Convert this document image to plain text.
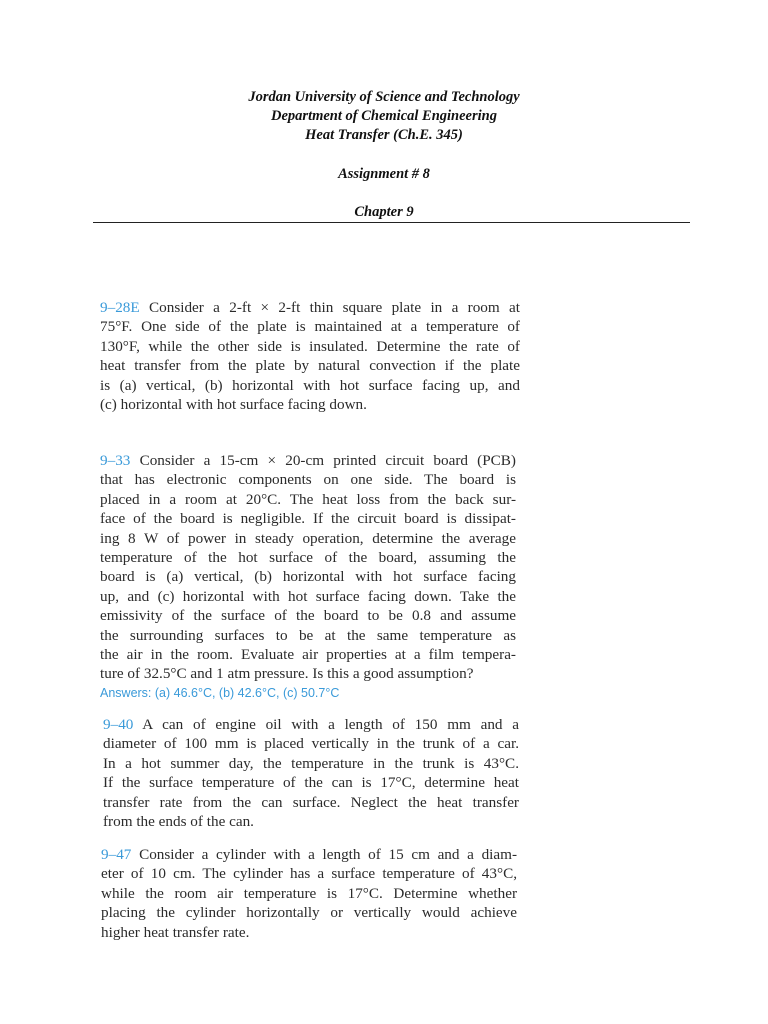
Jordan University of Science and Technology
Department of Chemical Engineering
Heat Transfer (Ch.E. 345)
Assignment # 8
Chapter 9
9–28E Consider a 2-ft × 2-ft thin square plate in a room at
75°F. One side of the plate is maintained at a temperature of
130°F, while the other side is insulated. Determine the rate of
heat transfer from the plate by natural convection if the plate
is (a) vertical, (b) horizontal with hot surface facing up, and
(c) horizontal with hot surface facing down.
9–33 Consider a 15-cm × 20-cm printed circuit board (PCB)
that has electronic components on one side. The board is
placed in a room at 20°C. The heat loss from the back sur-
face of the board is negligible. If the circuit board is dissipat-
ing 8 W of power in steady operation, determine the average
temperature of the hot surface of the board, assuming the
board is (a) vertical, (b) horizontal with hot surface facing
up, and (c) horizontal with hot surface facing down. Take the
emissivity of the surface of the board to be 0.8 and assume
the surrounding surfaces to be at the same temperature as
the air in the room. Evaluate air properties at a film tempera-
ture of 32.5°C and 1 atm pressure. Is this a good assumption?
Answers: (a) 46.6°C, (b) 42.6°C, (c) 50.7°C
9–40 A can of engine oil with a length of 150 mm and a
diameter of 100 mm is placed vertically in the trunk of a car.
In a hot summer day, the temperature in the trunk is 43°C.
If the surface temperature of the can is 17°C, determine heat
transfer rate from the can surface. Neglect the heat transfer
from the ends of the can.
9–47 Consider a cylinder with a length of 15 cm and a diam-
eter of 10 cm. The cylinder has a surface temperature of 43°C,
while the room air temperature is 17°C. Determine whether
placing the cylinder horizontally or vertically would achieve
higher heat transfer rate.
